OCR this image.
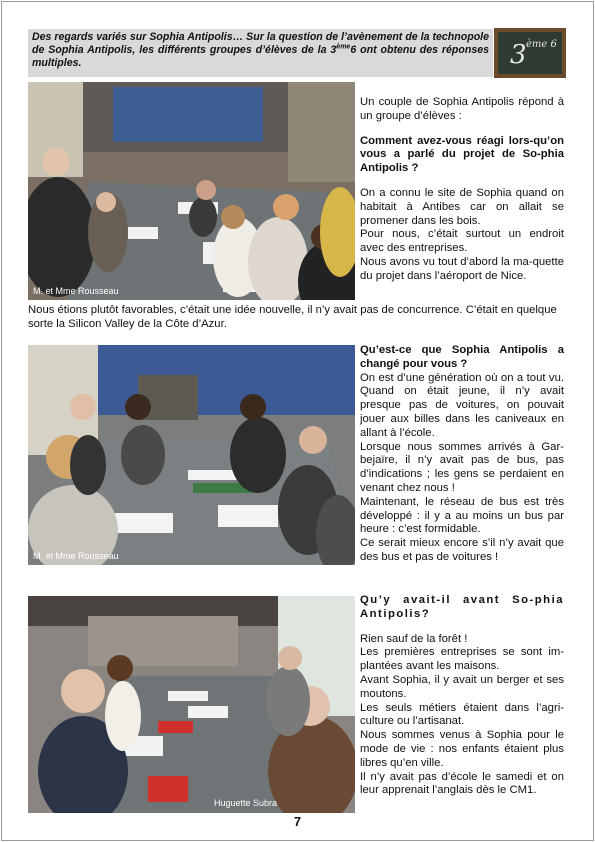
Des regards variés sur Sophia Antipolis… Sur la question de l’avènement de la technopole de Sophia Antipolis, les différents groupes d’élèves de la 3ème6 ont obtenu des réponses multiples.	3 ème 6
M. et Mme Rousseau

Un couple de Sophia Antipolis répond à un groupe d’élèves :

Comment avez-vous réagi lors-qu’on vous a parlé du projet de So-phia Antipolis ?

On a connu le site de Sophia quand on habitait à Antibes car on allait se promener dans les bois.

Pour nous, c’était surtout un endroit avec des entreprises.

Nous avons vu tout d’abord la ma-quette du projet dans l’aéroport de Nice.

Nous étions plutôt favorables, c’était une idée nouvelle, il n’y avait pas de concurrence. C’était en quelque sorte la Silicon Valley de la Côte d’Azur.
M. et Mme Rousseau

Qu’est-ce que Sophia Antipolis a changé pour vous ?

On est d’une génération où on a tout vu. Quand on était jeune, il n’y avait presque pas de voitures, on pouvait jouer aux billes dans les caniveaux en allant à l’école.

Lorsque nous sommes arrivés à Gar-bejaïre, il n’y avait pas de bus, pas d’indications ; les gens se perdaient en venant chez nous !

Maintenant, le réseau de bus est très développé : il y a au moins un bus par heure : c’est formidable.

Ce serait mieux encore s’il n’y avait que des bus et pas de voitures !

Huguette Subra

Qu’y avait-il avant So-phia Antipolis?

Rien sauf de la forêt !

Les premières entreprises se sont im-plantées avant les maisons.

Avant Sophia, il y avait un berger et ses moutons.

Les seuls métiers étaient dans l’agri-culture ou l’artisanat.

Nous sommes venus à Sophia pour le mode de vie : nos enfants étaient plus libres qu’en ville.

Il n’y avait pas d’école le samedi et on leur apprenait l’anglais dès le CM1.

7
